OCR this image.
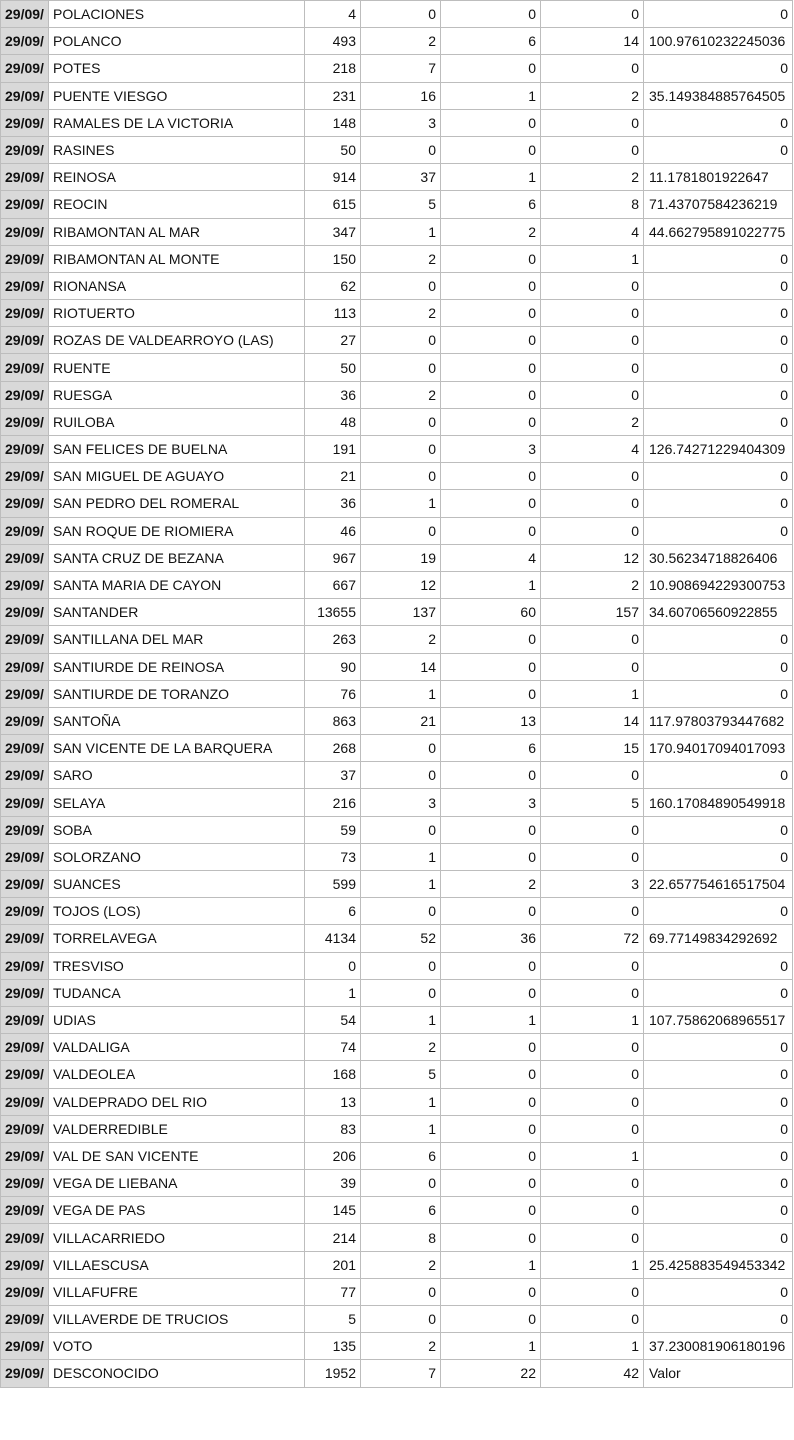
29/09/	POLACIONES	4	0	0	0	0
29/09/	POLANCO	493	2	6	14	100.97610232245036
29/09/	POTES	218	7	0	0	0
29/09/	PUENTE VIESGO	231	16	1	2	35.149384885764505
29/09/	RAMALES DE LA VICTORIA	148	3	0	0	0
29/09/	RASINES	50	0	0	0	0
29/09/	REINOSA	914	37	1	2	11.1781801922647
29/09/	REOCIN	615	5	6	8	71.43707584236219
29/09/	RIBAMONTAN AL MAR	347	1	2	4	44.662795891022775
29/09/	RIBAMONTAN AL MONTE	150	2	0	1	0
29/09/	RIONANSA	62	0	0	0	0
29/09/	RIOTUERTO	113	2	0	0	0
29/09/	ROZAS DE VALDEARROYO (LAS)	27	0	0	0	0
29/09/	RUENTE	50	0	0	0	0
29/09/	RUESGA	36	2	0	0	0
29/09/	RUILOBA	48	0	0	2	0
29/09/	SAN FELICES DE BUELNA	191	0	3	4	126.74271229404309
29/09/	SAN MIGUEL DE AGUAYO	21	0	0	0	0
29/09/	SAN PEDRO DEL ROMERAL	36	1	0	0	0
29/09/	SAN ROQUE DE RIOMIERA	46	0	0	0	0
29/09/	SANTA CRUZ DE BEZANA	967	19	4	12	30.56234718826406
29/09/	SANTA MARIA DE CAYON	667	12	1	2	10.908694229300753
29/09/	SANTANDER	13655	137	60	157	34.60706560922855
29/09/	SANTILLANA DEL MAR	263	2	0	0	0
29/09/	SANTIURDE DE REINOSA	90	14	0	0	0
29/09/	SANTIURDE DE TORANZO	76	1	0	1	0
29/09/	SANTOÑA	863	21	13	14	117.97803793447682
29/09/	SAN VICENTE DE LA BARQUERA	268	0	6	15	170.94017094017093
29/09/	SARO	37	0	0	0	0
29/09/	SELAYA	216	3	3	5	160.17084890549918
29/09/	SOBA	59	0	0	0	0
29/09/	SOLORZANO	73	1	0	0	0
29/09/	SUANCES	599	1	2	3	22.657754616517504
29/09/	TOJOS (LOS)	6	0	0	0	0
29/09/	TORRELAVEGA	4134	52	36	72	69.77149834292692
29/09/	TRESVISO	0	0	0	0	0
29/09/	TUDANCA	1	0	0	0	0
29/09/	UDIAS	54	1	1	1	107.75862068965517
29/09/	VALDALIGA	74	2	0	0	0
29/09/	VALDEOLEA	168	5	0	0	0
29/09/	VALDEPRADO DEL RIO	13	1	0	0	0
29/09/	VALDERREDIBLE	83	1	0	0	0
29/09/	VAL DE SAN VICENTE	206	6	0	1	0
29/09/	VEGA DE LIEBANA	39	0	0	0	0
29/09/	VEGA DE PAS	145	6	0	0	0
29/09/	VILLACARRIEDO	214	8	0	0	0
29/09/	VILLAESCUSA	201	2	1	1	25.425883549453342
29/09/	VILLAFUFRE	77	0	0	0	0
29/09/	VILLAVERDE DE TRUCIOS	5	0	0	0	0
29/09/	VOTO	135	2	1	1	37.230081906180196
29/09/	DESCONOCIDO	1952	7	22	42	Valor
